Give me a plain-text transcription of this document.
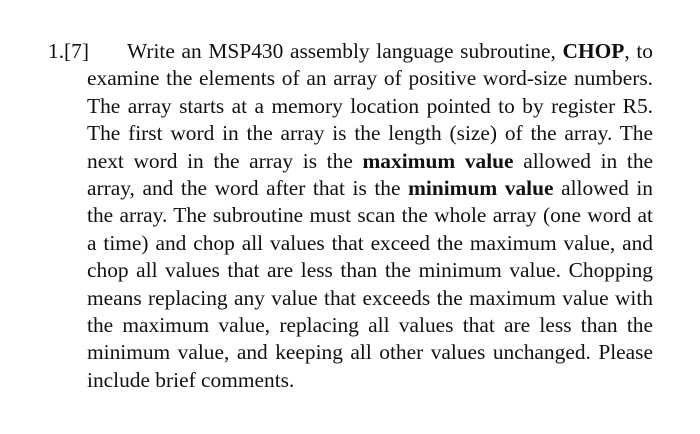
1.[7]	Write an MSP430 assembly language subroutine, CHOP, to examine the elements of an array of positive word-size numbers. The array starts at a memory location pointed to by register R5. The first word in the array is the length (size) of the array. The next word in the array is the maximum value allowed in the array, and the word after that is the minimum value allowed in the array. The subroutine must scan the whole array (one word at a time) and chop all values that exceed the maximum value, and chop all values that are less than the minimum value. Chopping means replacing any value that exceeds the maximum value with the maximum value, replacing all values that are less than the minimum value, and keeping all other values unchanged. Please include brief comments.
